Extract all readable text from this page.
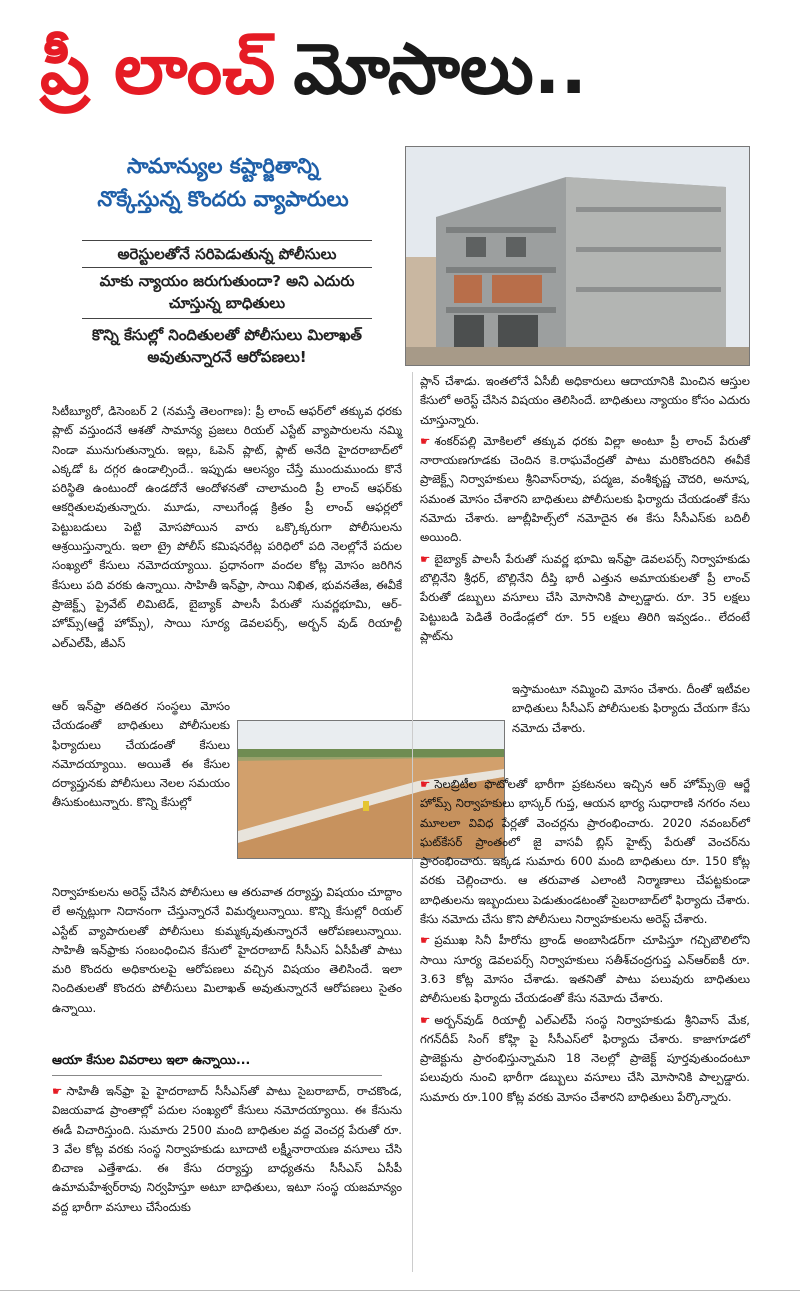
ప్రీ లాంచ్ మోసాలు..
సామాన్యుల కష్టార్జితాన్ని
నొక్కేస్తున్న కొందరు వ్యాపారులు
అరెస్టులతోనే సరిపెడుతున్న పోలీసులు
మాకు న్యాయం జరుగుతుందా? అని ఎదురు చూస్తున్న బాధితులు
కొన్ని కేసుల్లో నిందితులతో పోలీసులు మిలాఖత్ అవుతున్నారనే ఆరోపణలు!
సిటీబ్యూరో, డిసెంబర్ 2 (నమస్తే తెలంగాణ): ప్రీ లాంచ్ ఆఫర్‌లో తక్కువ ధరకు ప్లాట్ వస్తుందనే ఆశతో సామాన్య ప్రజలు రియల్ ఎస్టేట్ వ్యాపారులను నమ్మి నిండా మునుగుతున్నారు. ఇల్లు, ఓపెన్ ప్లాట్, ఫ్లాట్ అనేది హైదరాబాద్‌లో ఎక్కడో ఓ దగ్గర ఉండాల్సిందే.. ఇప్పుడు ఆలస్యం చేస్తే ముందుముందు కొనే పరిస్థితి ఉంటుందో ఉండదోనే ఆందోళనతో చాలామంది ప్రీ లాంచ్ ఆఫర్‌కు ఆకర్షితులవుతున్నారు. మూడు, నాలుగేండ్ల క్రితం ప్రీ లాంచ్ ఆఫర్లలో పెట్టుబడులు పెట్టి మోసపోయిన వారు ఒక్కొక్కరుగా పోలీసులను ఆశ్రయిస్తున్నారు. ఇలా ట్రై పోలీస్ కమిషనరేట్ల పరిధిలో పది నెలల్లోనే పదుల సంఖ్యలో కేసులు నమోదయ్యాయి. ప్రధానంగా వందల కోట్ల మోసం జరిగిన కేసులు పది వరకు ఉన్నాయి. సాహితీ ఇన్‌ఫ్రా, సాయి నిఖిత, భువనతేజ, ఈవీకే ప్రాజెక్ట్స్ ప్రైవేట్ లిమిటెడ్, బైబ్యాక్ పాలసీ పేరుతో సువర్ణభూమి, ఆర్-హోమ్స్(ఆర్జే హోమ్స్), సాయి సూర్య డెవలపర్స్, అర్బన్ వుడ్ రియాల్టీ ఎల్‌ఎల్‌పీ, జీఎస్
ఆర్ ఇన్‌ఫ్రా తదితర సంస్థలు మోసం చేయడంతో బాధితులు పోలీసులకు ఫిర్యాదులు చేయడంతో కేసులు నమోదయ్యాయి. అయితే ఈ కేసుల దర్యాప్తునకు పోలీసులు నెలల సమయం తీసుకుంటున్నారు. కొన్ని కేసుల్లో
నిర్వాహకులను అరెస్ట్ చేసిన పోలీసులు ఆ తరువాత దర్యాప్తు విషయం చూద్దాం లే అన్నట్లుగా నిదానంగా చేస్తున్నారనే విమర్శలున్నాయి. కొన్ని కేసుల్లో రియల్ ఎస్టేట్ వ్యాపారులతో పోలీసులు కుమ్మక్కవుతున్నారనే ఆరోపణలున్నాయి. సాహితీ ఇన్‌ఫ్రాకు సంబంధించిన కేసులో హైదరాబాద్ సీసీఎస్ ఏసీపీతో పాటు మరి కొందరు అధికారులపై ఆరోపణలు వచ్చిన విషయం తెలిసిందే. ఇలా నిందితులతో కొందరు పోలీసులు మిలాఖత్ అవుతున్నారనే ఆరోపణలు సైతం ఉన్నాయి.
ఆయా కేసుల వివరాలు ఇలా ఉన్నాయి...
☛ సాహితీ ఇన్‌ఫ్రా పై హైదరాబాద్ సీసీఎస్‌తో పాటు సైబరాబాద్, రాచకొండ, విజయవాడ ప్రాంతాల్లో పదుల సంఖ్యలో కేసులు నమోదయ్యాయి. ఈ కేసును ఈడీ విచారిస్తుంది. సుమారు 2500 మంది బాధితుల వద్ద వెంచర్ల పేరుతో రూ. 3 వేల కోట్ల వరకు సంస్థ నిర్వాహకుడు బూదాటి లక్ష్మీనారాయణ వసూలు చేసి బిచాణ ఎత్తేశాడు. ఈ కేసు దర్యాప్తు బాధ్యతను సీసీఎస్ ఏసీపీ ఉమామహేశ్వర్‌రావు నిర్వహిస్తూ అటూ బాధితులు, ఇటూ సంస్థ యజమాన్యం వద్ద భారీగా వసూలు చేసేందుకు

ప్లాన్ చేశాడు. ఇంతలోనే ఏసీబీ అధికారులు ఆదాయానికి మించిన ఆస్తుల కేసులో అరెస్ట్ చేసిన విషయం తెలిసిందే. బాధితులు న్యాయం కోసం ఎదురు చూస్తున్నారు.

☛ శంకర్‌పల్లి మోకిలలో తక్కువ ధరకు విల్లా అంటూ ప్రీ లాంచ్ పేరుతో నారాయణగూడకు చెందిన కె.రాఘవేంద్రతో పాటు మరికొందరిని ఈవీకే ప్రాజెక్ట్స్ నిర్వాహకులు శ్రీనివాస్‌రావు, పద్మజ, వంశీకృష్ణ చౌదరి, అనూష, సమంత మోసం చేశారని బాధితులు పోలీసులకు ఫిర్యాదు చేయడంతో కేసు నమోదు చేశారు. జూబ్లీహిల్స్‌లో నమోదైన ఈ కేసు సీసీఎస్‌కు బదిలీ అయింది.

☛ బైబ్యాక్ పాలసీ పేరుతో సువర్ణ భూమి ఇన్‌ఫ్రా డెవలపర్స్ నిర్వాహకుడు బొల్లినేని శ్రీధర్, బొల్లినేని దీప్తి భారీ ఎత్తున అమాయకులతో ప్రీ లాంచ్ పేరుతో డబ్బులు వసూలు చేసి మోసానికి పాల్పడ్డారు. రూ. 35 లక్షలు పెట్టుబడి పెడితే రెండేండ్లలో రూ. 55 లక్షలు తిరిగి ఇవ్వడం.. లేదంటే ప్లాట్‌ను

ఇస్తామంటూ నమ్మించి మోసం చేశారు. దీంతో ఇటీవల బాధితులు సీసీఎస్ పోలీసులకు ఫిర్యాదు చేయగా కేసు నమోదు చేశారు.

☛ సెలబ్రిటీల ఫొటోలతో భారీగా ప్రకటనలు ఇచ్చిన ఆర్ హోమ్స్@ ఆర్జే హోమ్స్ నిర్వాహకులు భాస్కర్ గుప్త, ఆయన భార్య సుధారాణి నగరం నలు మూలలా వివిధ పేర్లతో వెంచర్లను ప్రారంభించారు. 2020 నవంబర్‌లో ఘట్‌కేసర్ ప్రాంతంలో జై వాసవీ బ్లిస్ హైట్స్ పేరుతో వెంచర్‌ను ప్రారంభించారు. ఇక్కడ సుమారు 600 మంది బాధితులు రూ. 150 కోట్ల వరకు చెల్లించారు. ఆ తరువాత ఎలాంటి నిర్మాణాలు చేపట్టకుండా బాధితులను ఇబ్బందులు పెడుతుండటంతో సైబరాబాద్‌లో ఫిర్యాదు చేశారు. కేసు నమోదు చేసు కొని పోలీసులు నిర్వాహకులను అరెస్ట్ చేశారు.

☛ ప్రముఖ సినీ హీరోను బ్రాండ్ అంబాసిడర్‌గా చూపిస్తూ గచ్చిబౌలిలోని సాయి సూర్య డెవలపర్స్ నిర్వాహకులు సతీశ్‌చంద్రగుప్త ఎన్‌ఆర్‌ఐకీ రూ. 3.63 కోట్ల మోసం చేశాడు. ఇతనితో పాటు పలువురు బాధితులు పోలీసులకు ఫిర్యాదు చేయడంతో కేసు నమోదు చేశారు.

☛ అర్బన్‌వుడ్ రియాల్టీ ఎల్‌ఎల్‌పీ సంస్థ నిర్వాహకుడు శ్రీనివాస్ మేక, గగన్‌దీప్ సింగ్ కోహ్లి పై సీసీఎస్‌లో ఫిర్యాదు చేశారు. కాజాగూడలో ప్రాజెక్టును ప్రారంభిస్తున్నామని 18 నెలల్లో ప్రాజెక్ట్ పూర్తవుతుందంటూ పలువురు నుంచి భారీగా డబ్బులు వసూలు చేసి మోసానికి పాల్పడ్డారు. సుమారు రూ.100 కోట్ల వరకు మోసం చేశారని బాధితులు పేర్కొన్నారు.
